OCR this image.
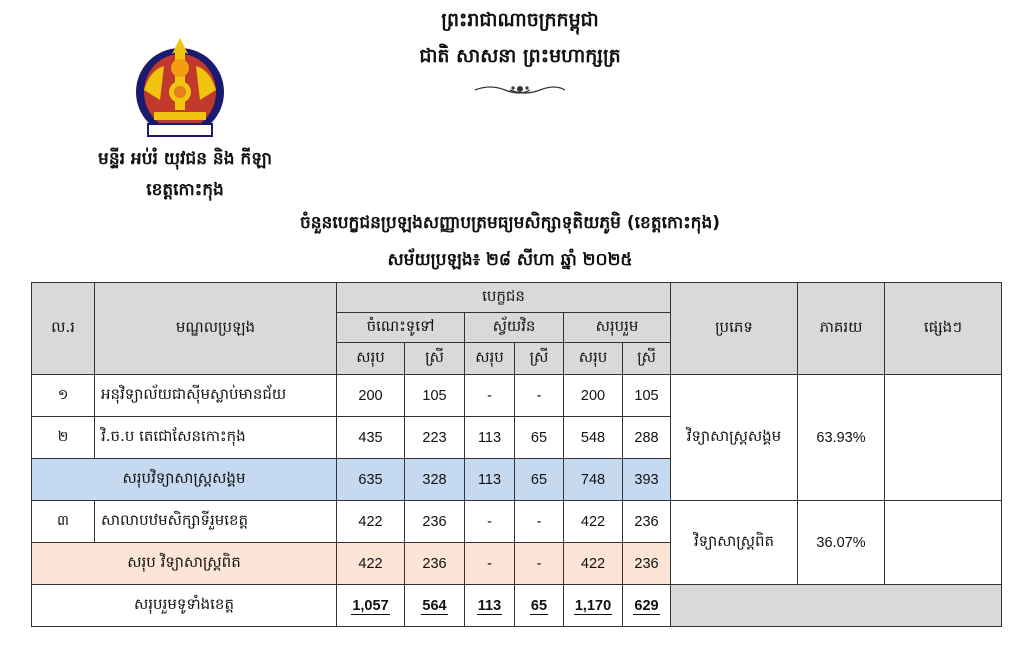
ព្រះរាជាណាចក្រកម្ពុជា
ជាតិ សាសនា ព្រះមហាក្សត្រ
មន្ទីរ អប់រំ យុវជន និង កីឡា
ខេត្តកោះកុង
ចំនួនបេក្ខជនប្រឡងសញ្ញាបត្រមធ្យមសិក្សាទុតិយភូមិ (ខេត្តកោះកុង)
សម័យប្រឡង៖ ២៨ សីហា ឆ្នាំ ២០២៥
ល.រ	មណ្ឌលប្រឡង	បេក្ខជន						ប្រភេទ	ភាគរយ	ផ្សេងៗ
		ចំណេះទូទៅ		ស្វ័យវិន		សរុបរួម				
		សរុប	ស្រី	សរុប	ស្រី	សរុប	ស្រី			
១	អនុវិទ្យាល័យជាស៊ីមស្លាប់មានជ័យ	200	105	-	-	200	105	វិទ្យាសាស្ត្រសង្គម	63.93%	
២	វិ.ច.ប តេជោសែនកោះកុង	435	223	113	65	548	288			
សរុបវិទ្យាសាស្ត្រសង្គម		635	328	113	65	748	393			
៣	សាលាបឋមសិក្សាទីរួមខេត្ត	422	236	-	-	422	236	វិទ្យាសាស្ត្រពិត	36.07%	
សរុប វិទ្យាសាស្ត្រពិត		422	236	-	-	422	236			
សរុបរួមទូទាំងខេត្ត		1,057	564	113	65	1,170	629			
